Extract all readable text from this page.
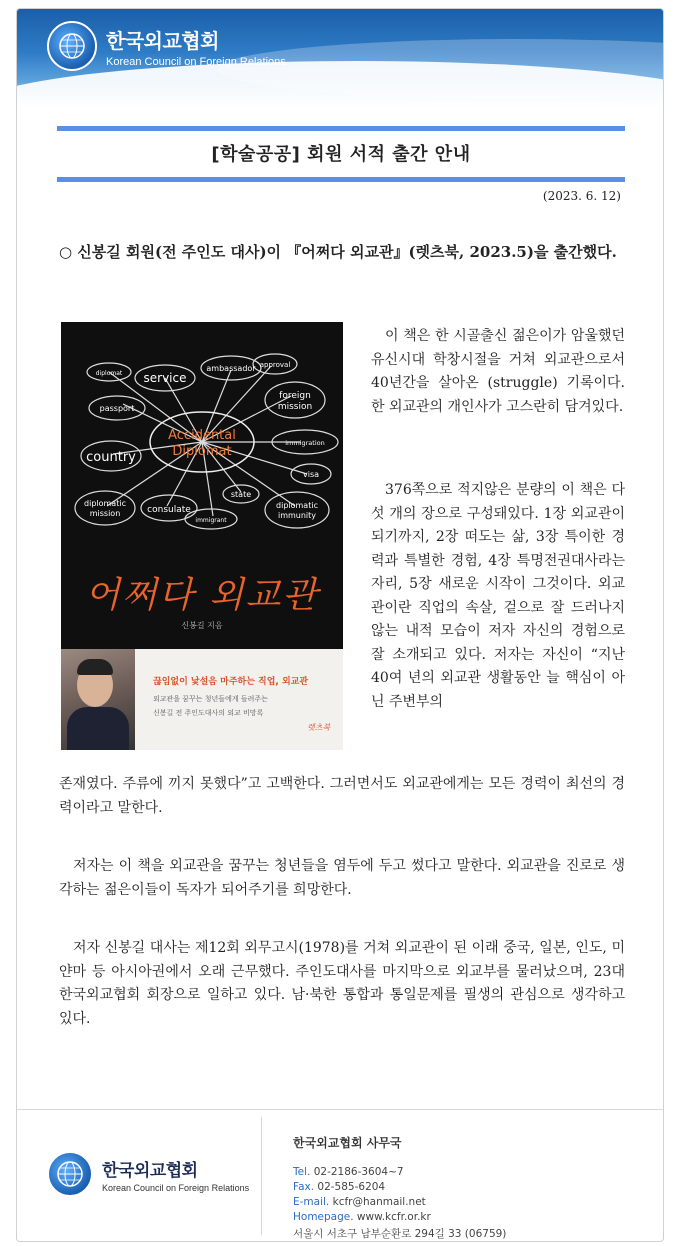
한국외교협회
Korean Council on Foreign Relations
[학술공공] 회원 서적 출간 안내
(2023. 6. 12)
○ 신봉길 회원(전 주인도 대사)이 『어쩌다 외교관』(렛츠북, 2023.5)을 출간했다.
Accidental
Diplomat
diplomat service
ambassador approval
foreign
mission
passport
immigration
country
visa
diplomatic
mission	consulate
state
diplomatic
immunity
immigrant
어쩌다 외교관
신봉길 지음
끊임없이 낯설음 마주하는 직업, 외교관
외교관을 꿈꾸는 청년들에게 들려주는
신봉길 전 주인도대사의 외교 비망록
렛츠북
이 책은 한 시골출신 젊은이가 암울했던 유신시대 학창시절을 거쳐 외교관으로서 40년간을 살아온 (struggle) 기록이다. 한 외교관의 개인사가 고스란히 담겨있다.
376쪽으로 적지않은 분량의 이 책은 다섯 개의 장으로 구성돼있다. 1장 외교관이 되기까지, 2장 떠도는 삶, 3장 특이한 경력과 특별한 경험, 4장 특명전권대사라는 자리, 5장 새로운 시작이 그것이다. 외교관이란 직업의 속살, 겉으로 잘 드러나지 않는 내적 모습이 저자 자신의 경험으로 잘 소개되고 있다. 저자는 자신이 “지난 40여 년의 외교관 생활동안 늘 핵심이 아닌 주변부의
존재였다. 주류에 끼지 못했다”고 고백한다. 그러면서도 외교관에게는 모든 경력이 최선의 경력이라고 말한다.
저자는 이 책을 외교관을 꿈꾸는 청년들을 염두에 두고 썼다고 말한다. 외교관을 진로로 생각하는 젊은이들이 독자가 되어주기를 희망한다.
저자 신봉길 대사는 제12회 외무고시(1978)를 거쳐 외교관이 된 이래 중국, 일본, 인도, 미얀마 등 아시아권에서 오래 근무했다. 주인도대사를 마지막으로 외교부를 물러났으며, 23대 한국외교협회 회장으로 일하고 있다. 남·북한 통합과 통일문제를 필생의 관심으로 생각하고 있다.
한국외교협회
Korean Council on Foreign Relations
한국외교협회 사무국
Tel. 02-2186-3604~7
Fax. 02-585-6204
E-mail. kcfr@hanmail.net
Homepage. www.kcfr.or.kr
서울시 서초구 남부순환로 294길 33 (06759)
